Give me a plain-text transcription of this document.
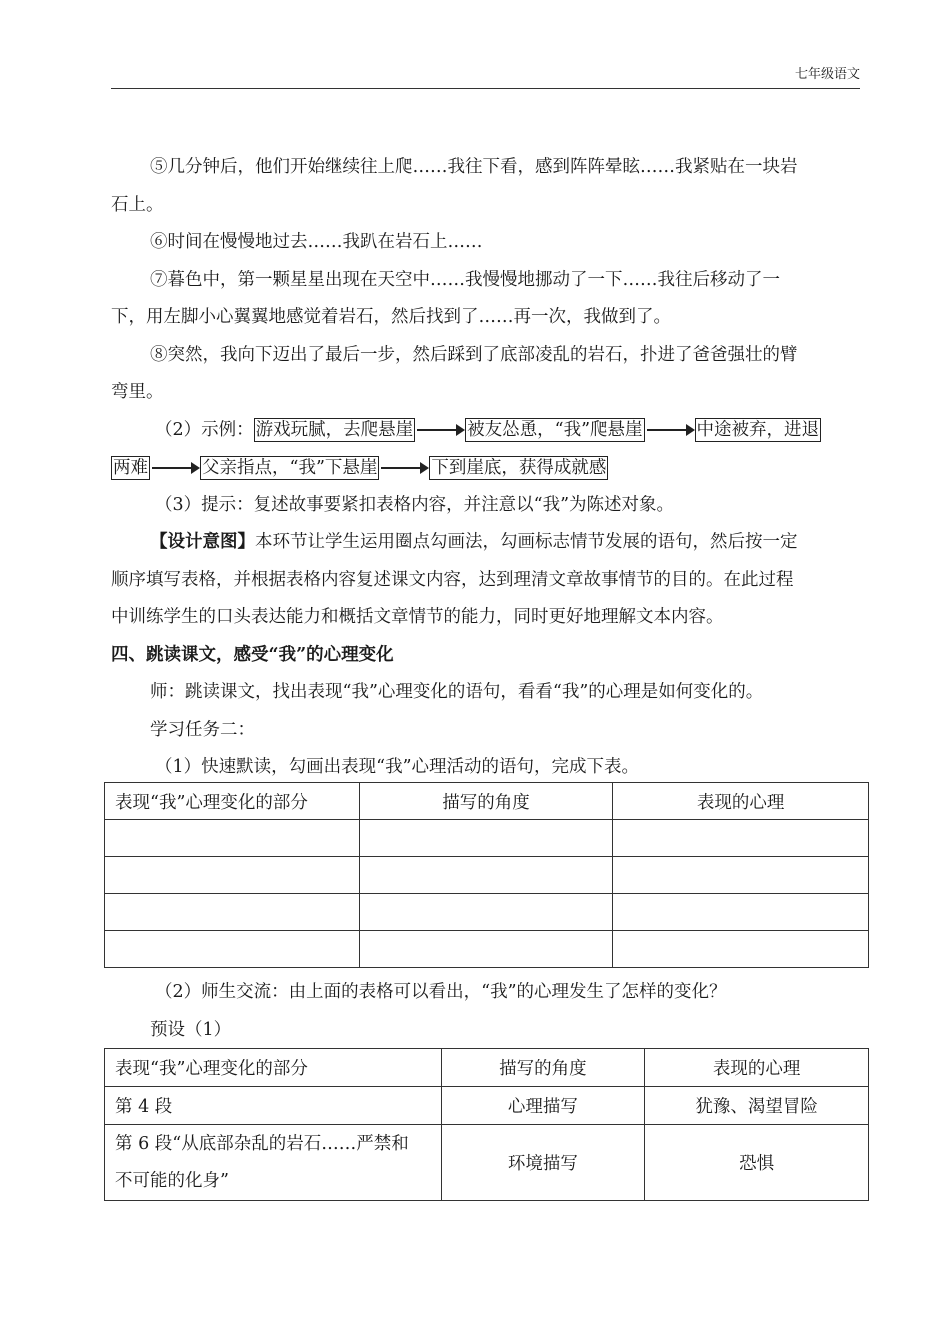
七年级语文
⑤几分钟后，他们开始继续往上爬……我往下看，感到阵阵晕眩……我紧贴在一块岩
石上。
⑥时间在慢慢地过去……我趴在岩石上……
⑦暮色中，第一颗星星出现在天空中……我慢慢地挪动了一下……我往后移动了一
下，用左脚小心翼翼地感觉着岩石，然后找到了……再一次，我做到了。
⑧突然，我向下迈出了最后一步，然后踩到了底部凌乱的岩石，扑进了爸爸强壮的臂
弯里。
（2）示例： 游戏玩腻，去爬悬崖	被友怂恿，“我”爬悬崖	中途被弃，进退
两难	父亲指点，“我”下悬崖	下到崖底，获得成就感
（3）提示：复述故事要紧扣表格内容，并注意以“我”为陈述对象。
【设计意图】本环节让学生运用圈点勾画法，勾画标志情节发展的语句，然后按一定
顺序填写表格，并根据表格内容复述课文内容，达到理清文章故事情节的目的。在此过程
中训练学生的口头表达能力和概括文章情节的能力，同时更好地理解文本内容。
四、跳读课文，感受“我”的心理变化
师：跳读课文，找出表现“我”心理变化的语句，看看“我”的心理是如何变化的。
学习任务二：
（1）快速默读，勾画出表现“我”心理活动的语句，完成下表。
表现“我”心理变化的部分	描写的角度	表现的心理

（2）师生交流：由上面的表格可以看出，“我”的心理发生了怎样的变化？
预设（1）
表现“我”心理变化的部分	描写的角度	表现的心理
第 4 段	心理描写	犹豫、渴望冒险

第 6 段“从底部杂乱的岩石……严禁和
不可能的化身”	环境描写	恐惧
